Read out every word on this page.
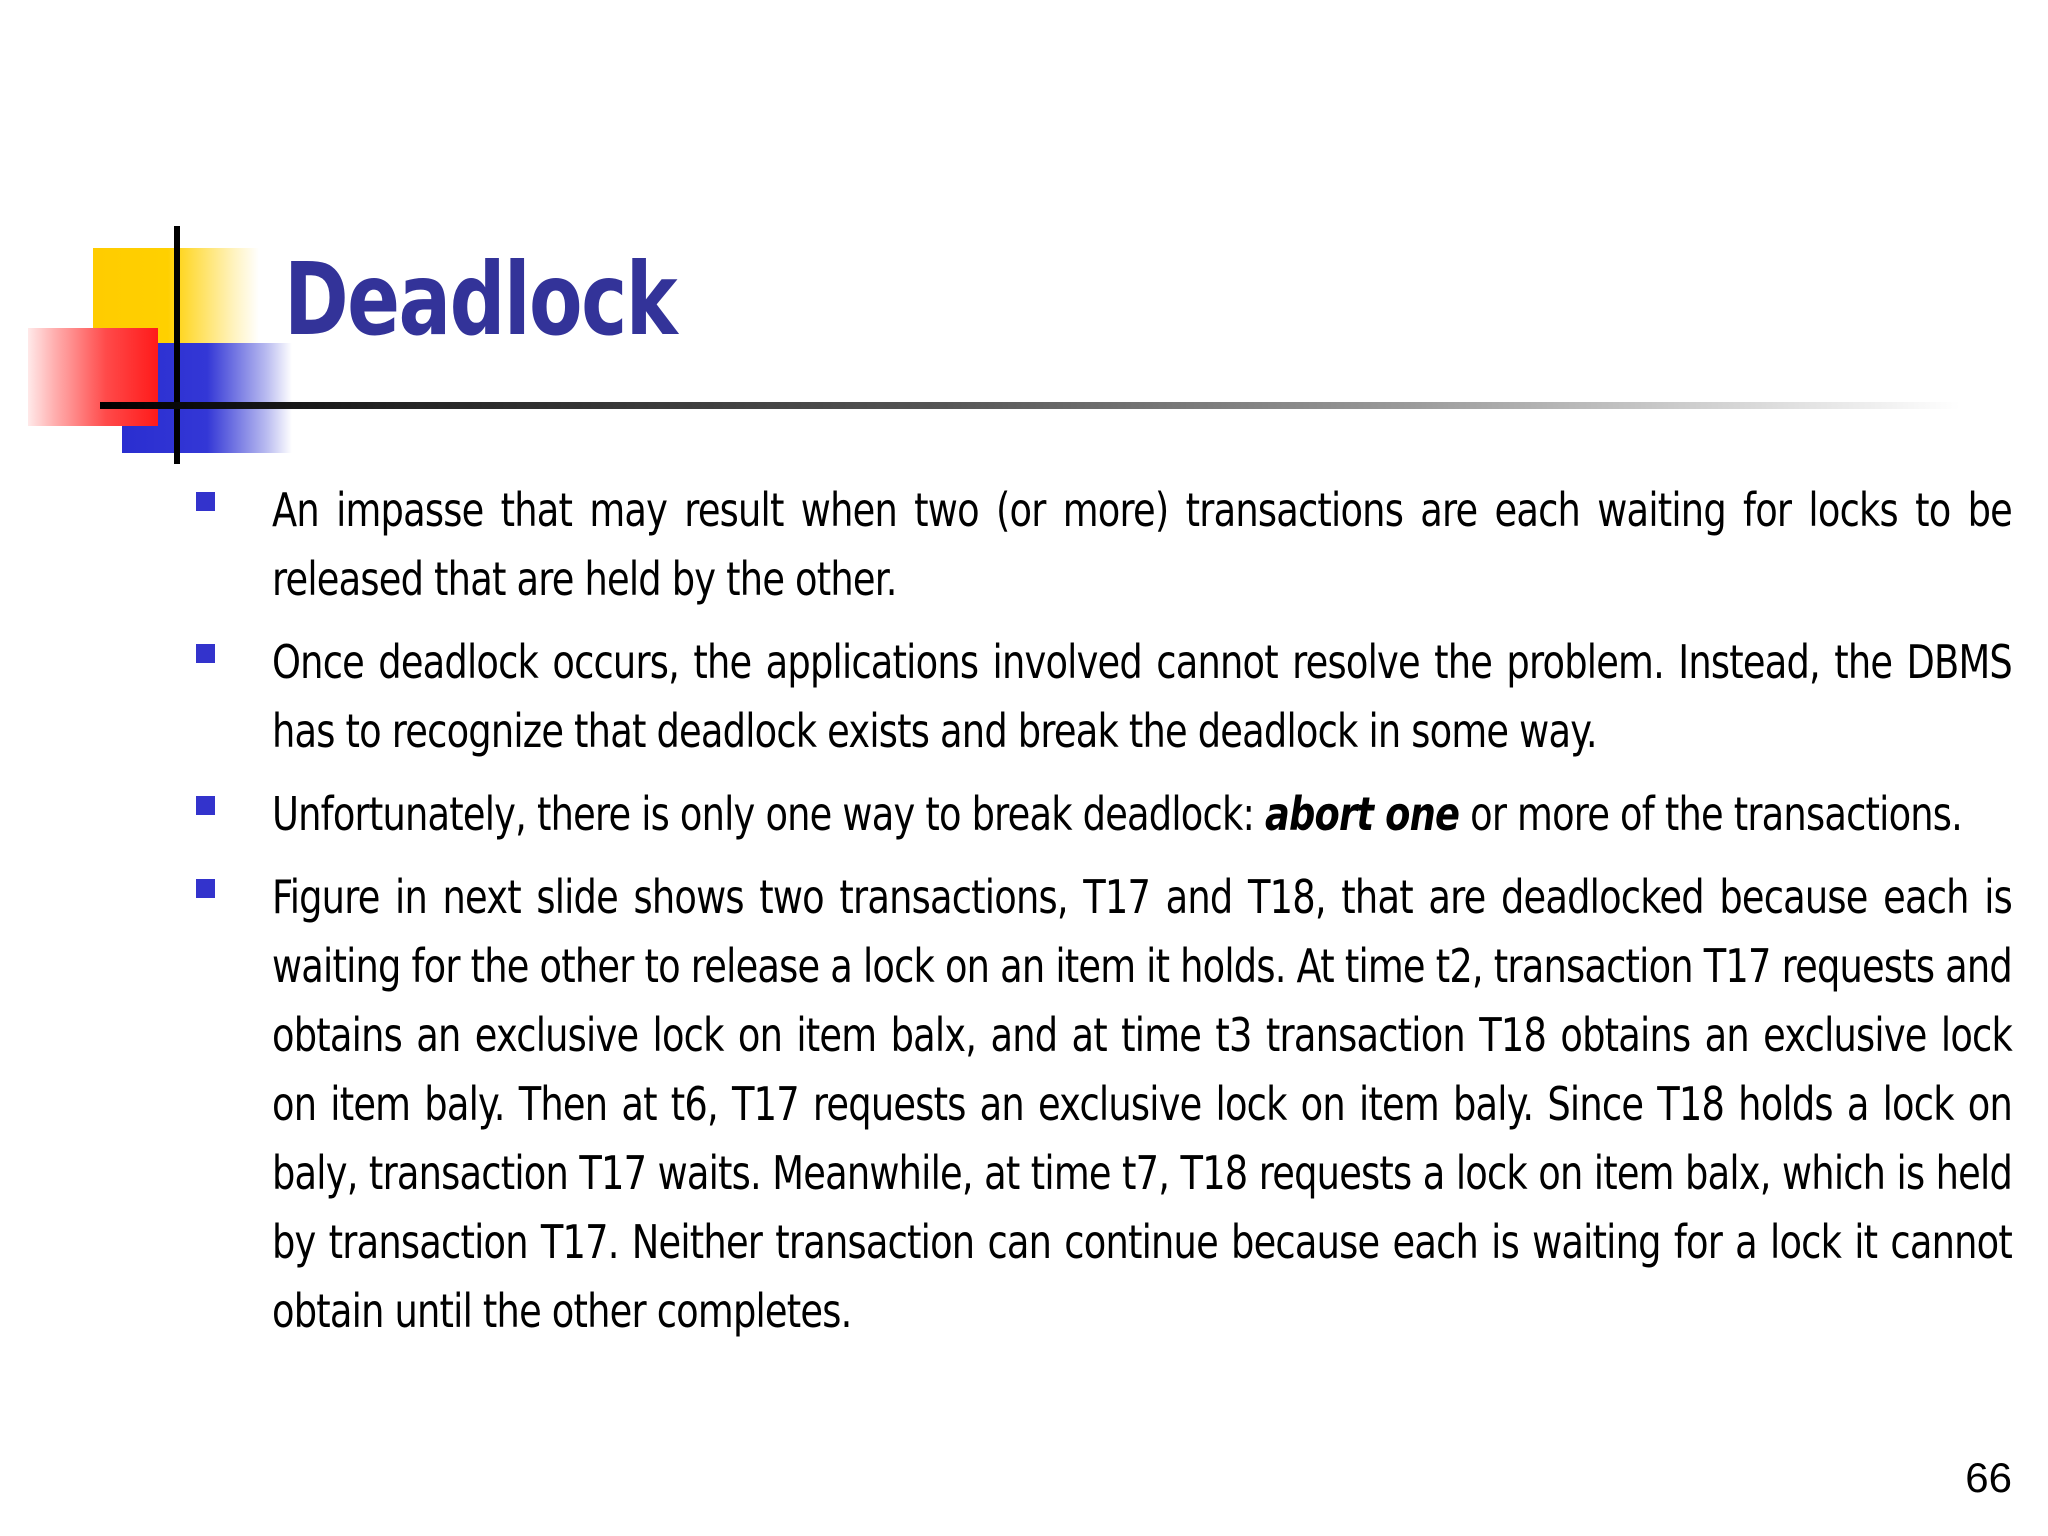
Deadlock
An impasse that may result when two (or more) transactions are each waiting for locks to be released that are held by the other.
Once deadlock occurs, the applications involved cannot resolve the problem. Instead, the DBMS has to recognize that deadlock exists and break the deadlock in some way.
Unfortunately, there is only one way to break deadlock: abort one or more of the transactions.
Figure in next slide shows two transactions, T17 and T18, that are deadlocked because each is waiting for the other to release a lock on an item it holds. At time t2, transaction T17 requests and obtains an exclusive lock on item balx, and at time t3 transaction T18 obtains an exclusive lock on item baly. Then at t6, T17 requests an exclusive lock on item baly. Since T18 holds a lock on baly, transaction T17 waits. Meanwhile, at time t7, T18 requests a lock on item balx, which is held by transaction T17. Neither transaction can continue because each is waiting for a lock it cannot obtain until the other completes.
66
